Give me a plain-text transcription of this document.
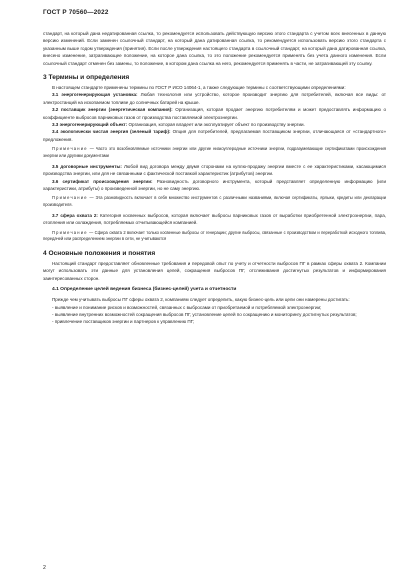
ГОСТ Р 70560—2022

стандарт, на который дана недатированная ссылка, то рекомендуется использовать действующую версию этого стандарта с учетом всех внесенных в данную версию изменений. Если заменен ссылочный стандарт, на который дана датированная ссылка, то рекомендуется использовать версию этого стандарта с указанным выше годом утверждения (принятия). Если после утверждения настоящего стандарта в ссылочный стандарт, на который дана датированная ссылка, внесено изменение, затрагивающее положение, на которое дана ссылка, то это положение рекомендуется применять без учета данного изменения. Если ссылочный стандарт отменен без замены, то положение, в котором дана ссылка на него, рекомендуется применять в части, не затрагивающей эту ссылку.

3 Термины и определения

В настоящем стандарте применены термины по ГОСТ Р ИСО 14064-1, а также следующие термины с соответствующими определениями:

3.1 энергогенерирующая установка: Любая технология или устройство, которое производит энергию для потребителей, включая все виды: от электростанций на ископаемом топливе до солнечных батарей на крыше.

3.2 поставщик энергии (энергетическая компания): Организация, которая продает энергию потребителям и может предоставлять информацию о коэффициенте выбросов парниковых газов от производства поставляемой электроэнергии.

3.3 энергогенерирующий объект: Организация, которая владеет или эксплуатирует объект по производству энергии.

3.4 экологически чистая энергия (зеленый тариф): Опция для потребителей, предлагаемая поставщиком энергии, отличающаяся от «стандартного» предложения.

Примечание — Часто это возобновляемые источники энергии или другие низкоуглеродные источники энергии, подразумевающие сертификатами происхождения энергии или другими документами

3.5 договорные инструменты: Любой вид договора между двумя сторонами на куплю-продажу энергии вместе с ее характеристиками, касающимися производства энергии, или для не связанными с фактической поставкой характеристик (атрибутов) энергии.

3.6 сертификат происхождения энергии: Разновидность договорного инструмента, который представляет определенную информацию (или характеристики, атрибуты) о произведенной энергии, но не саму энергию.

Примечание — Эта разновидность включает в себя множество инструментов с различными названиями, включая сертификаты, ярлыки, кредиты или декларации производителя.

3.7 сфера охвата 2: Категория косвенных выбросов, которая включает выбросы парниковых газов от выработки приобретенной электроэнергии, пара, отопления или охлаждения, потребляемых отчитывающейся компанией.

Примечание — Сфера охвата 2 включает только косвенные выбросы от генерации; другие выбросы, связанные с производством и переработкой исходного топлива, передачей или распределением энергии в сети, не учитываются

4 Основные положения и понятия

Настоящий стандарт предоставляет обновленные требования и передовой опыт по учету и отчетности выбросов ПГ в рамках сферы охвата 2. Компании могут использовать эти данные для установления целей, сокращения выбросов ПГ, отслеживания достигнутых результатов и информирования заинтересованных сторон.

4.1 Определение целей ведения бизнеса (бизнес-целей) учета и отчетности

Прежде чем учитывать выбросы ПГ сферы охвата 2, компаниям следует определить, какую бизнес-цель или цели они намерены достигать:

- выявление и понимание рисков и возможностей, связанных с выбросами от приобретаемой и потребляемой электроэнергии;

- выявление внутренних возможностей сокращения выбросов ПГ, установление целей по сокращению и мониторингу достигнутых результатов;

- привлечение поставщиков энергии и партнеров к управлению ПГ;

2
